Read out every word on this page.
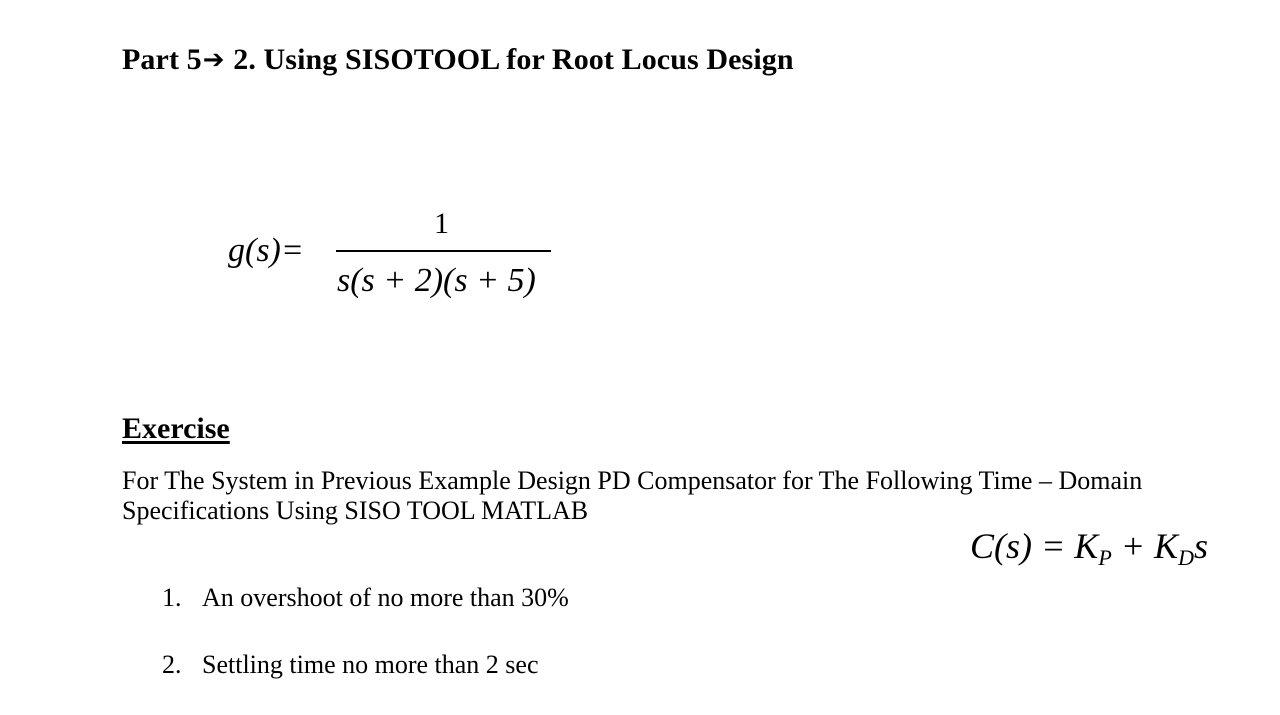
Part 5➔ 2. Using SISOTOOL for Root Locus Design
g(s)=
1
s(s + 2)(s + 5)
Exercise
For The System in Previous Example Design PD Compensator for The Following Time – Domain Specifications Using SISO TOOL MATLAB
$C(s) = K_P + K_Ds$
1. An overshoot of no more than 30%
2. Settling time no more than 2 sec
